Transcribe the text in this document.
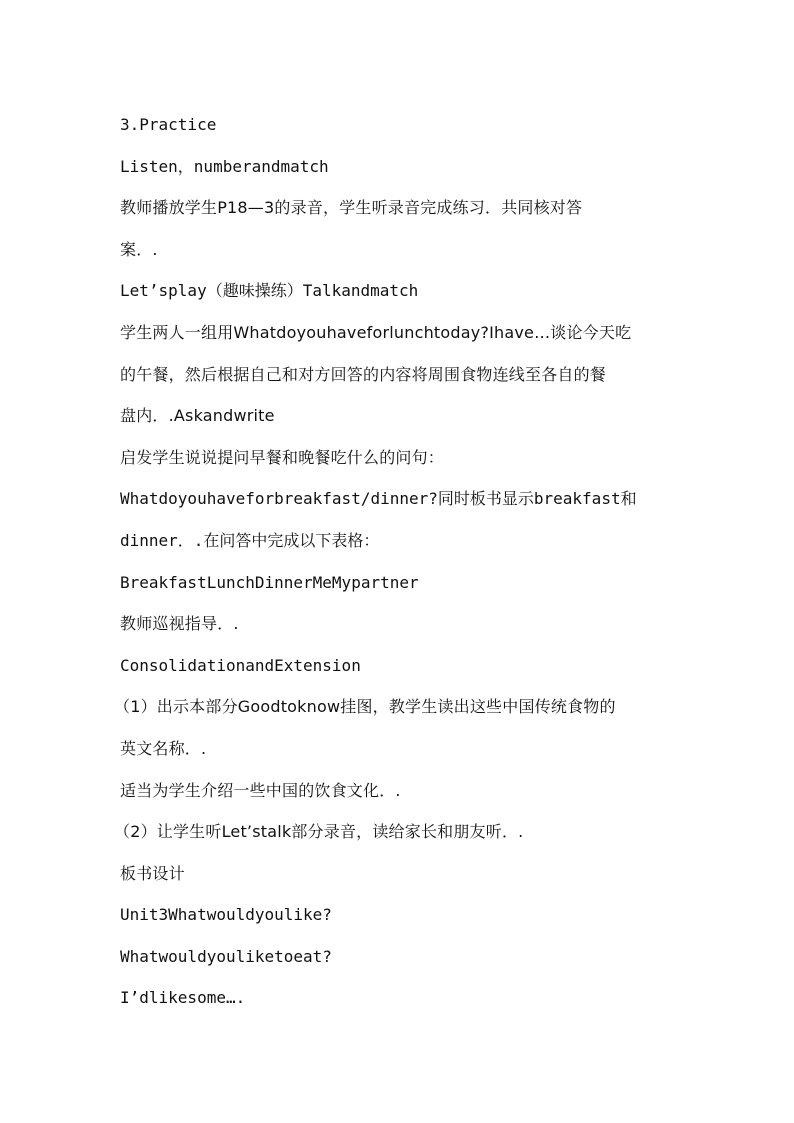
3.Practice
Listen，numberandmatch
教师播放学生P18—3的录音，学生听录音完成练习．共同核对答
案．.
Let’splay（趣味操练）Talkandmatch
学生两人一组用Whatdoyouhaveforlunchtoday?Ihave…谈论今天吃
的午餐，然后根据自己和对方回答的内容将周围食物连线至各自的餐
盘内．.Askandwrite
启发学生说说提问早餐和晚餐吃什么的问句：
Whatdoyouhaveforbreakfast/dinner?同时板书显示breakfast和
dinner．.在问答中完成以下表格：
BreakfastLunchDinnerMeMypartner
教师巡视指导．.
ConsolidationandExtension
（1）出示本部分Goodtoknow挂图，教学生读出这些中国传统食物的
英文名称．.
适当为学生介绍一些中国的饮食文化．.
（2）让学生听Let’stalk部分录音，读给家长和朋友听．.
板书设计
Unit3Whatwouldyoulike?
Whatwouldyouliketoeat?
I’dlikesome….
